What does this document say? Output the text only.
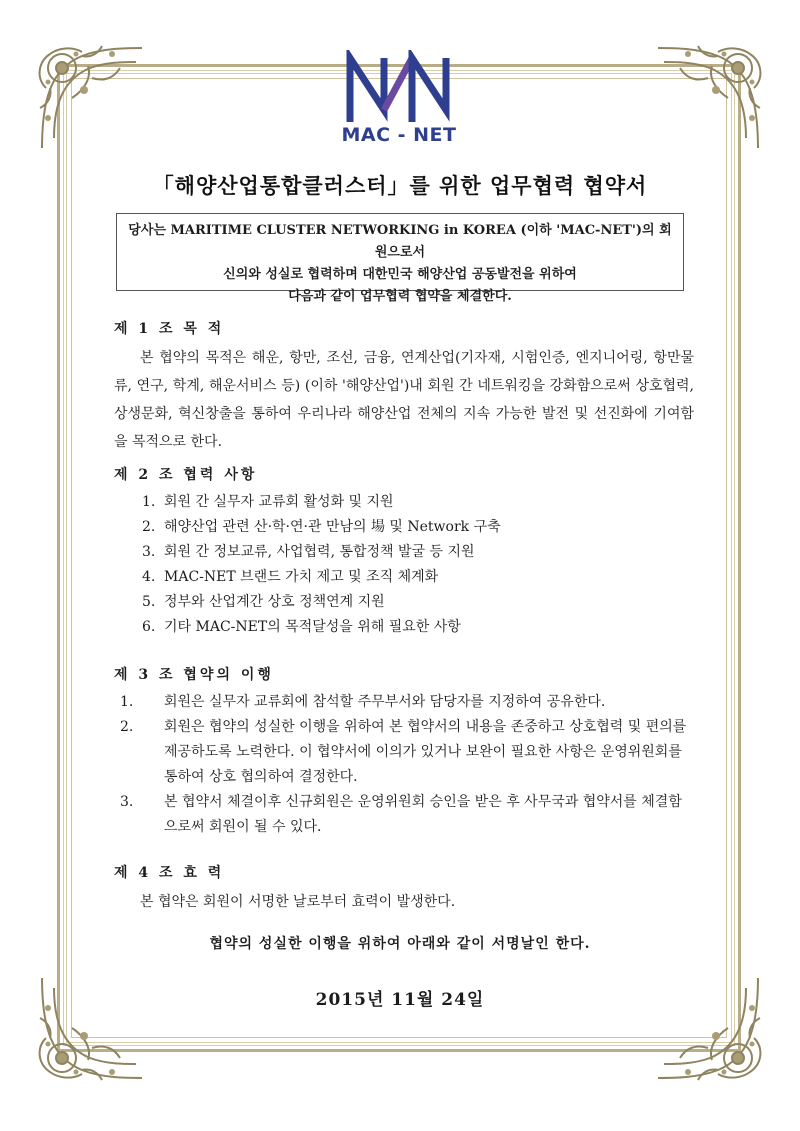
MAC - NET
「해양산업통합클러스터」를 위한 업무협력 협약서
당사는 MARITIME CLUSTER NETWORKING in KOREA (이하 'MAC-NET')의 회원으로서
신의와 성실로 협력하며 대한민국 해양산업 공동발전을 위하여
다음과 같이 업무협력 협약을 체결한다.
제 1 조 목 적

본 협약의 목적은 해운, 항만, 조선, 금융, 연계산업(기자재, 시험인증, 엔지니어링, 항만물류, 연구, 학계, 해운서비스 등) (이하 '해양산업')내 회원 간 네트워킹을 강화함으로써 상호협력, 상생문화, 혁신창출을 통하여 우리나라 해양산업 전체의 지속 가능한 발전 및 선진화에 기여함을 목적으로 한다.

제 2 조 협력 사항
1. 회원 간 실무자 교류회 활성화 및 지원
2. 해양산업 관련 산·학·연·관 만남의 場 및 Network 구축
3. 회원 간 정보교류, 사업협력, 통합정책 발굴 등 지원
4. MAC-NET 브랜드 가치 제고 및 조직 체계화
5. 정부와 산업계간 상호 정책연계 지원
6. 기타 MAC-NET의 목적달성을 위해 필요한 사항
제 3 조 협약의 이행
1. 회원은 실무자 교류회에 참석할 주무부서와 담당자를 지정하여 공유한다.
2. 회원은 협약의 성실한 이행을 위하여 본 협약서의 내용을 존중하고 상호협력 및 편의를 제공하도록 노력한다. 이 협약서에 이의가 있거나 보완이 필요한 사항은 운영위원회를 통하여 상호 협의하여 결정한다.
3. 본 협약서 체결이후 신규회원은 운영위원회 승인을 받은 후 사무국과 협약서를 체결함으로써 회원이 될 수 있다.
제 4 조 효 력

본 협약은 회원이 서명한 날로부터 효력이 발생한다.

협약의 성실한 이행을 위하여 아래와 같이 서명날인 한다.
2015년 11월 24일
